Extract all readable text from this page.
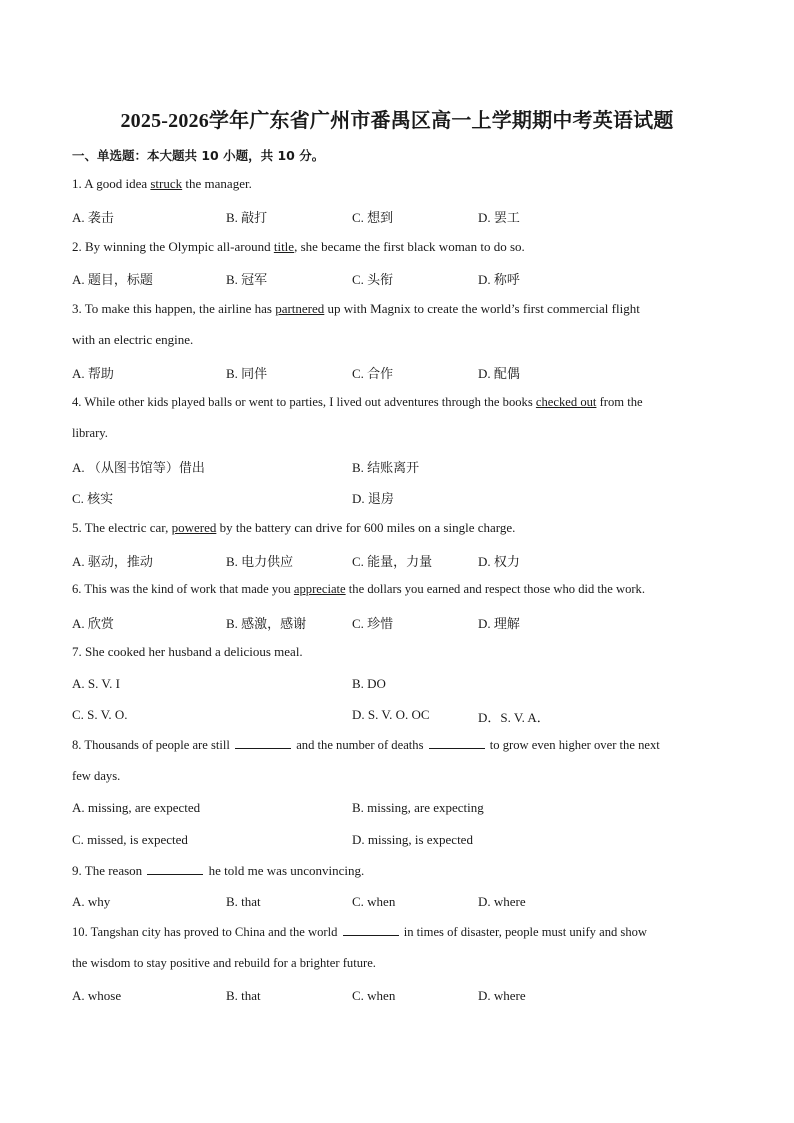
2025-2026学年广东省广州市番禺区高一上学期期中考英语试题
一、单选题：本大题共 10 小题，共 10 分。
1. A good idea struck the manager.
A. 袭击	B. 敲打	C. 想到	D. 罢工
2. By winning the Olympic all-around title, she became the first black woman to do so.
A. 题目，标题	B. 冠军	C. 头衔	D. 称呼
3. To make this happen, the airline has partnered up with Magnix to create the world’s first commercial flight
with an electric engine.
A. 帮助	B. 同伴	C. 合作	D. 配偶
4. While other kids played balls or went to parties, I lived out adventures through the books checked out from the
library.
A. （从图书馆等）借出	B. 结账离开
C. 核实	D. 退房
5. The electric car, powered by the battery can drive for 600 miles on a single charge.
A. 驱动，推动	B. 电力供应	C. 能量，力量	D. 权力
6. This was the kind of work that made you appreciate the dollars you earned and respect those who did the work.
A. 欣赏	B. 感激，感谢	C. 珍惜	D. 理解
7. She cooked her husband a delicious meal.
A. S. V. I	B. DO
C. S. V. O.	D. S. V. O. OC	D．S. V. A．
8. Thousands of people are still	and the number of deaths	to grow even higher over the next
few days.
A. missing, are expected	B. missing, are expecting
C. missed, is expected	D. missing, is expected
9. The reason	he told me was unconvincing.
A. why	B. that	C. when	D. where
10. Tangshan city has proved to China and the world	in times of disaster, people must unify and show
the wisdom to stay positive and rebuild for a brighter future.
A. whose	B. that	C. when	D. where
